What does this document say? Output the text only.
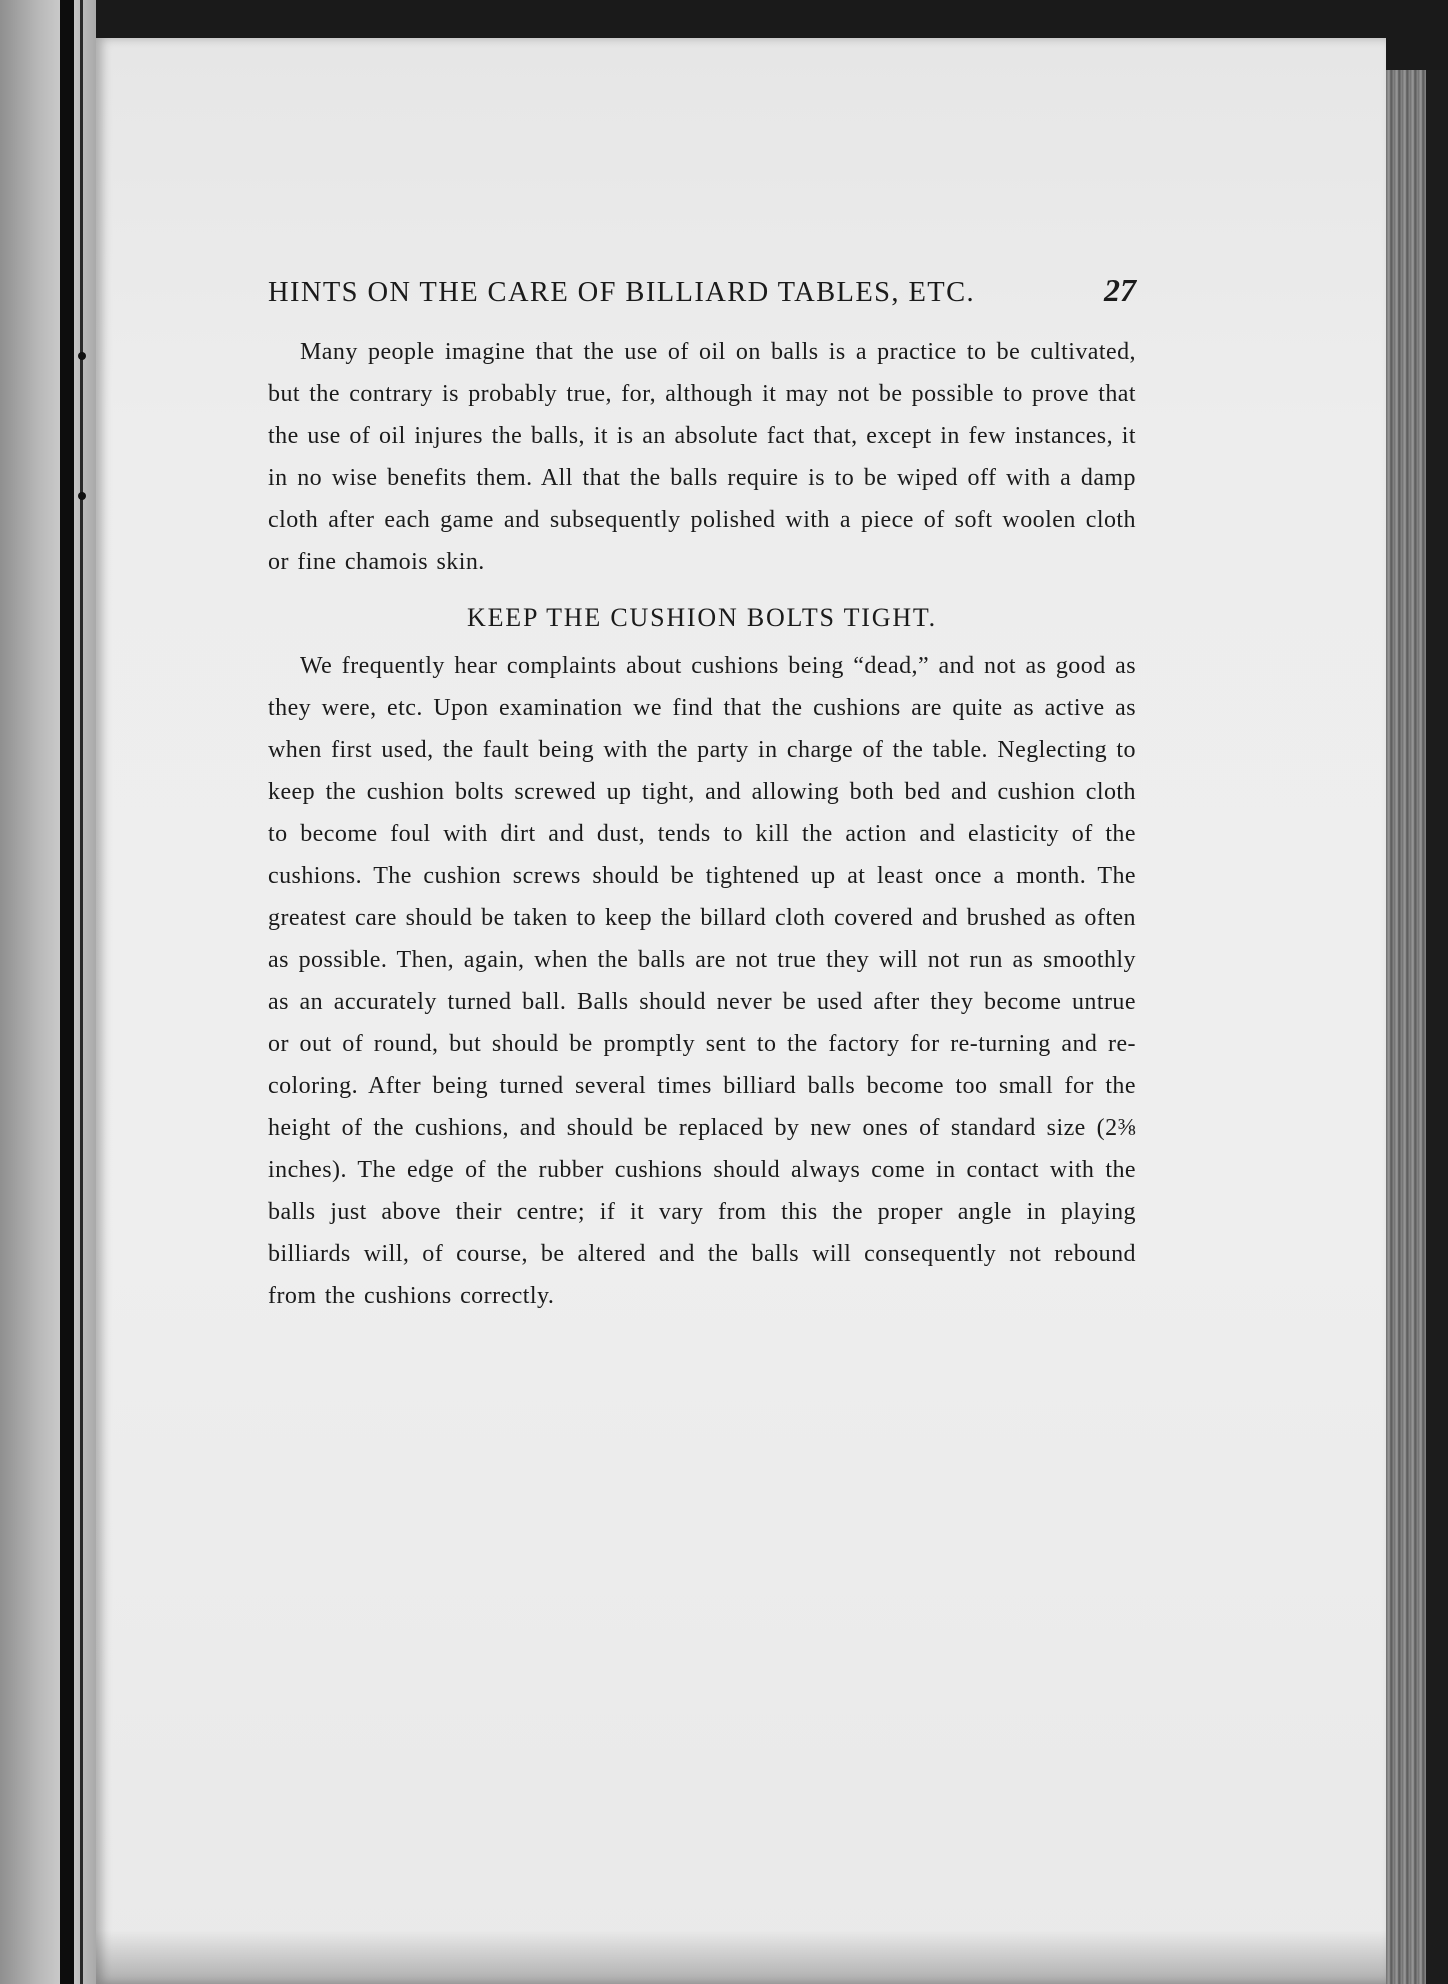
HINTS ON THE CARE OF BILLIARD TABLES, ETC.	27

Many people imagine that the use of oil on balls is a practice to be cultivated, but the contrary is probably true, for, although it may not be possible to prove that the use of oil injures the balls, it is an absolute fact that, except in few instances, it in no wise benefits them. All that the balls require is to be wiped off with a damp cloth after each game and subsequently polished with a piece of soft woolen cloth or fine chamois skin.

KEEP THE CUSHION BOLTS TIGHT.

We frequently hear complaints about cushions being “dead,” and not as good as they were, etc. Upon examination we find that the cushions are quite as active as when first used, the fault being with the party in charge of the table. Neglecting to keep the cushion bolts screwed up tight, and allowing both bed and cushion cloth to become foul with dirt and dust, tends to kill the action and elasticity of the cushions. The cushion screws should be tightened up at least once a month. The greatest care should be taken to keep the billard cloth covered and brushed as often as possible. Then, again, when the balls are not true they will not run as smoothly as an accurately turned ball. Balls should never be used after they become untrue or out of round, but should be promptly sent to the factory for re-turning and re-coloring. After being turned several times billiard balls become too small for the height of the cushions, and should be replaced by new ones of standard size (2⅜ inches). The edge of the rubber cushions should always come in contact with the balls just above their centre; if it vary from this the proper angle in playing billiards will, of course, be altered and the balls will consequently not rebound from the cushions correctly.
